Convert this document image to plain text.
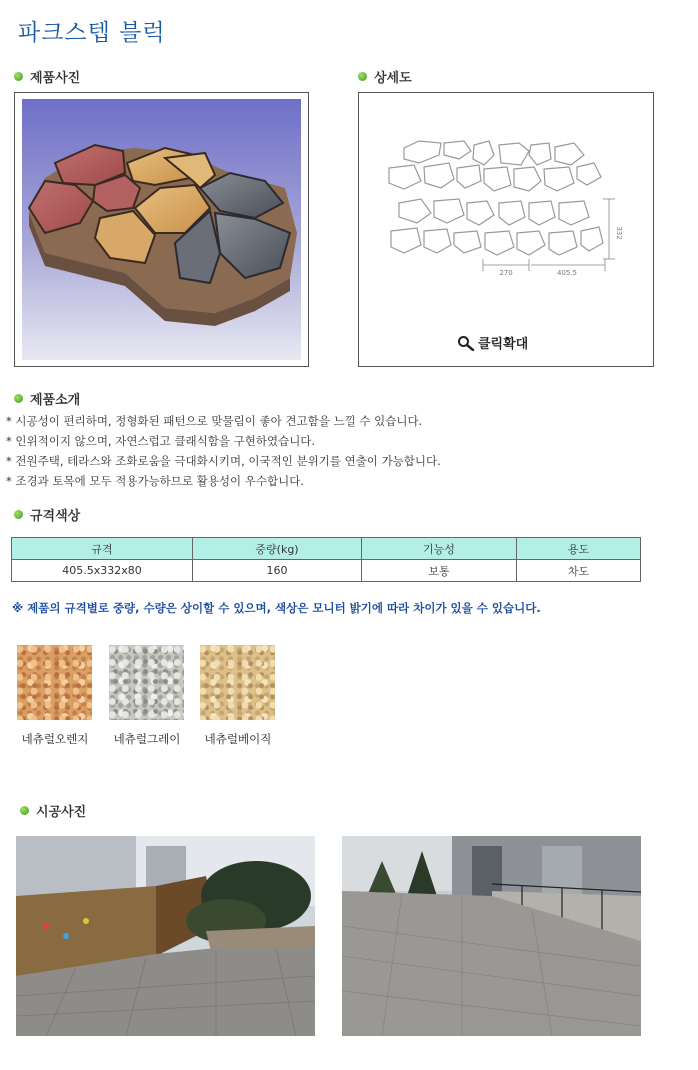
파크스텝 블럭
제품사진	상세도
270	405.5
332
클릭확대
제품소개
* 시공성이 편리하며, 정형화된 패턴으로 맞물림이 좋아 견고함을 느낄 수 있습니다.
* 인위적이지 않으며, 자연스럽고 클래식함을 구현하였습니다.
* 전원주택, 테라스와 조화로움을 극대화시키며, 이국적인 분위기를 연출이 가능합니다.
* 조경과 토목에 모두 적용가능하므로 활용성이 우수합니다.
규격색상
규격	중량(kg)	기능성	용도
405.5x332x80	160	보통	차도
※ 제품의 규격별로 중량, 수량은 상이할 수 있으며, 색상은 모니터 밝기에 따라 차이가 있을 수 있습니다.
네츄럴오렌지	네츄럴그레이	네츄럴베이직
시공사진
